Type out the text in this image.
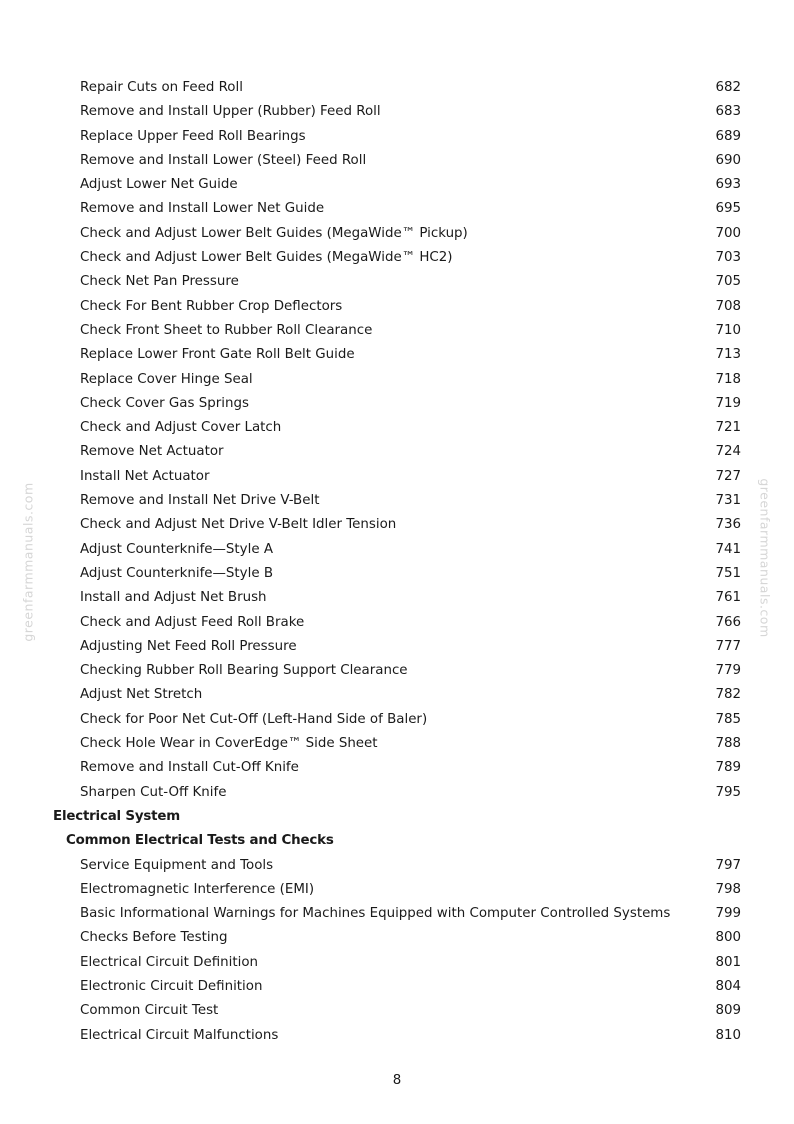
greenfarmmanuals.com	greenfarmmanuals.com
Repair Cuts on Feed Roll	682
Remove and Install Upper (Rubber) Feed Roll	683
Replace Upper Feed Roll Bearings	689
Remove and Install Lower (Steel) Feed Roll	690
Adjust Lower Net Guide	693
Remove and Install Lower Net Guide	695
Check and Adjust Lower Belt Guides (MegaWide™ Pickup)	700
Check and Adjust Lower Belt Guides (MegaWide™ HC2)	703
Check Net Pan Pressure	705
Check For Bent Rubber Crop Deflectors	708
Check Front Sheet to Rubber Roll Clearance	710
Replace Lower Front Gate Roll Belt Guide	713
Replace Cover Hinge Seal	718
Check Cover Gas Springs	719
Check and Adjust Cover Latch	721
Remove Net Actuator	724
Install Net Actuator	727
Remove and Install Net Drive V-Belt	731
Check and Adjust Net Drive V-Belt Idler Tension	736
Adjust Counterknife—Style A	741
Adjust Counterknife—Style B	751
Install and Adjust Net Brush	761
Check and Adjust Feed Roll Brake	766
Adjusting Net Feed Roll Pressure	777
Checking Rubber Roll Bearing Support Clearance	779
Adjust Net Stretch	782
Check for Poor Net Cut-Off (Left-Hand Side of Baler)	785
Check Hole Wear in CoverEdge™ Side Sheet	788
Remove and Install Cut-Off Knife	789
Sharpen Cut-Off Knife	795
Electrical System
Common Electrical Tests and Checks
Service Equipment and Tools	797
Electromagnetic Interference (EMI)	798
Basic Informational Warnings for Machines Equipped with Computer Controlled Systems	799
Checks Before Testing	800
Electrical Circuit Definition	801
Electronic Circuit Definition	804
Common Circuit Test	809
Electrical Circuit Malfunctions	810
8
